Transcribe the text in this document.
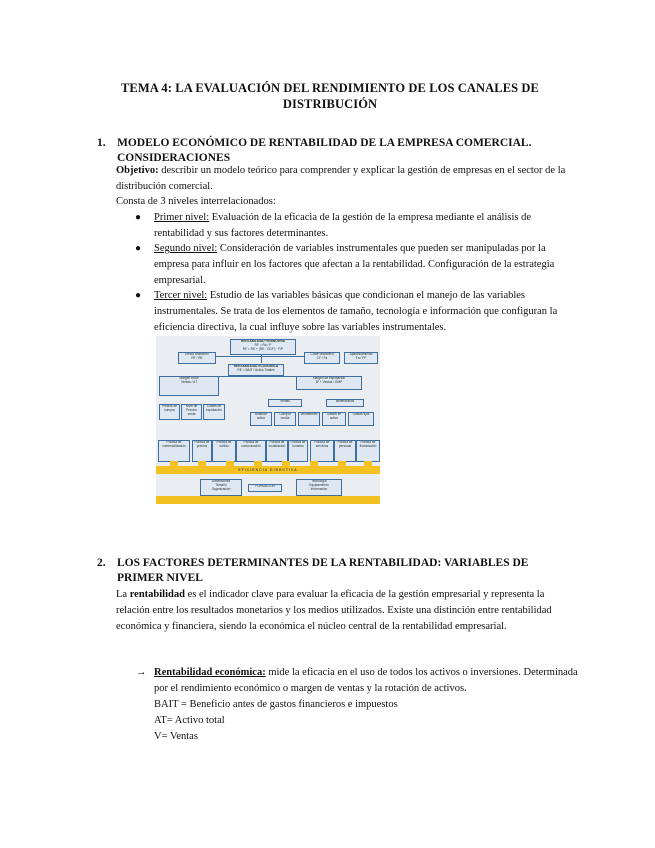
TEMA 4: LA EVALUACIÓN DEL RENDIMIENTO DE LOS CANALES DE
DISTRIBUCIÓN
1. MODELO ECONÓMICO DE RENTABILIDAD DE LA EMPRESA COMERCIAL.
CONSIDERACIONES
Objetivo: describir un modelo teórico para comprender y explicar la gestión de empresas en el sector de la distribución comercial.
Consta de 3 niveles interrelacionados:
● Primer nivel: Evaluación de la eficacia de la gestión de la empresa mediante el análisis de rentabilidad y sus factores determinantes.
● Segundo nivel: Consideración de variables instrumentales que pueden ser manipuladas por la empresa para influir en los factores que afectan a la rentabilidad. Configuración de la estrategia empresarial.
● Tercer nivel: Estudio de las variables básicas que condicionan el manejo de las variables instrumentales. Se trata de los elementos de tamaño, tecnología e información que configuran la eficiencia directiva, la cual influye sobre las variables instrumentales.
RENTABILIDAD FINANCIERA
RF = Ra / P
RF = RE + (RE - CE/F) · F/P
Efecto financiero
RF / RE
Coste financiero
CF / Fa
Apalancamiento
Fa / FP
RENTABILIDAD ECONÓMICA
RE = BAIT / Activo Totales
Margen bruto
Ventas / AT
Margen de explotación
Bº + Ventas / GMP
Precios de compra
Nivel de Precios venta
Costes de explotación
Ventas	Beneficiarios
Rotación activo
Compra media
Vendedores	Gastos en activo
Gastos fijos
Política de comercialización
Política de precios
Política de surtido
Política de comunicación
Política de localización
Política de horarios
Política de servicios
Política de personal
Política de financiación
EFICIENCIA DIRECTIVA
Dimensiones
Tamaño
Organización
FORMACIÓN
Tecnología
Equipamiento
Información
2. LOS FACTORES DETERMINANTES DE LA RENTABILIDAD: VARIABLES DE
PRIMER NIVEL
La rentabilidad es el indicador clave para evaluar la eficacia de la gestión empresarial y representa la relación entre los resultados monetarios y los medios utilizados. Existe una distinción entre rentabilidad económica y financiera, siendo la económica el núcleo central de la rentabilidad empresarial.
→ Rentabilidad económica: mide la eficacia en el uso de todos los activos o inversiones. Determinada por el rendimiento económico o margen de ventas y la rotación de activos.
BAIT = Beneficio antes de gastos financieros e impuestos
AT= Activo total
V= Ventas
